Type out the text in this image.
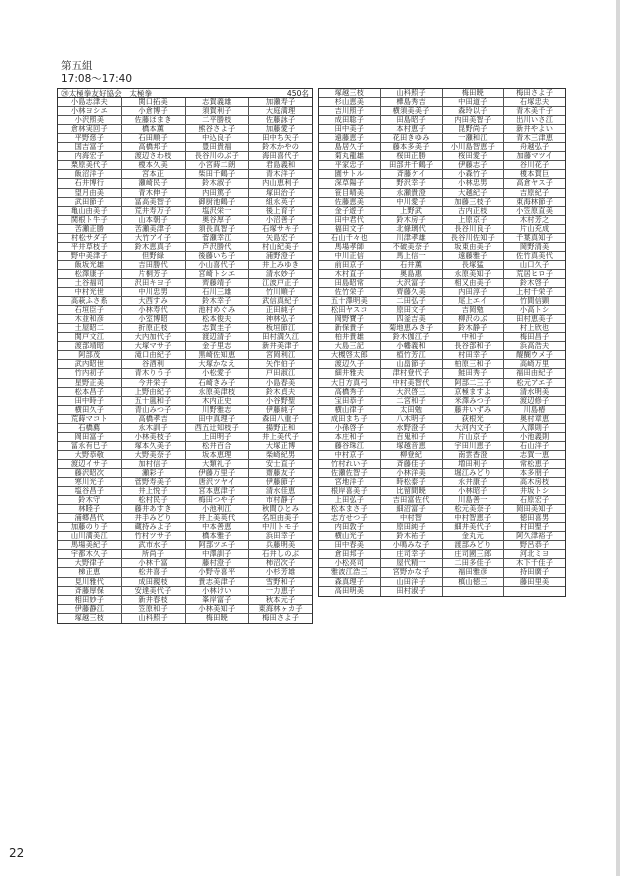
第五組
17:08～17:40
⑳太極拳友好協会　太極拳	450名
小島志津夫	関口拓美	志賀義雄	加瀬寿子
小林ヨシエ	小倉博子	須賀利子	大庭満理
小沢照美	佐藤ほまき	二平勝枝	佐藤詠子
倉林実回子	橋本薫	熊谷さよ子	加藤愛子
平野慈子	石田順子	中込良子	田中ち矢子
国吉富子	高橋邦子	豊田貴福	鈴木かやの
内海宏子	渡辺さわ枝	長谷川のぶ子	海田喜代子
栗原美代子	榎本久美	小宮蒔二朗	君島義和
飯沼洋子	宮本正	柴田千鶴子	青木洋子
石井博行	瀬崎民子	鈴木淑子	内山恵利子
望月由美	青木伸子	内田篤子	塚田治子
武田節子	冨高美智子	御厨池鶴子	組永英子
亀山由美子	荒井寿万子	塩沢栄一	後上育子
関根ト牛子	山本朝子	奥谷厚子	小沼善子
苦瀬正勝	苦瀬美津子	須長真智子	石塚サキ子
村松サダ子	大竹アイ子	菅瀬幸江	矢島宏子
平井草枝子	鈴木恵真子	芦沢勝代	村山紀美子
野中美津子	但野緑	後藤いち子	浦野澄子
飯坂光雄	吉田勝代	小山喜代子	井上みゆき
松澤康子	片桐芳子	宮崎トシエ	清水妙子
土谷福司	沢田キヨ子	齊藤靖子	江波戸正子
中村光世	中川忠男	石川三雄	竹川順子
高萩ふさ系	大西すみ	鈴木幸子	武信真紀子
石垣臣子	小林寿代	池村めぐみ	正田純子
木並和彦	小室博昭	松本俊夫	神林弘子
土屋昭二	折原正枝	志賀圭子	板垣節江
関戸文江	大内加代子	渡辺清子	田村満久江
渡部靖昭	大塚マサ子	金子里志	新井美津子
阿部茂	滝口由紀子	黒崎佐知恵	宮岡利江
武内昭世	谷酒利	大塚かなえ	矢作伯子
竹内初子	青木りう子	小松愛子	戸田淑江
星野正美	今井栄子	石崎きみ子	小島春美
松本昌子	上野由紀子	永原美津枝	鈴木貞夫
田中時子	五十嵐和子	木内正史	小谷野聖
横田久子	青山みつ子	川野雅志	伊藤純子
荒蒔マコト	高橋孝吉	田中真理子	森田八重子
石橋薦	永木訓子	西五辻知枝子	揚野正和
岡田富子	小林美枝子	上田明子	井上美代子
冨永有巳子	塚本久美子	松井百合	大塚正博
大野恭敬	大野美奈子	坂本恵理	柴崎紀男
渡辺イサ子	加村信子	大類礼子	安士直子
藤沢昭次	瀬彩子	伊藤万里子	齋藤友子
寒川光子	菅野寿美子	唐沢ツヤイ	伊藤節子
塩谷昌子	井上悦子	宮本恵津子	清水佳恵
鈴木守	松村民子	梅田つや子	市村静子
林睦子	藤井あすき	小池利江	秋間ひとみ
浦郷昌代	井手みどり	井上美英代	名垣由美子
加藤のり子	蔵持みよ子	中本善恵	中川トモ子
山川満美江	竹村ツサ子	橋本雅子	浜田幸子
馬場美紀子	武市水子	阿部ツエ子	兵藤明美
宇都木久子	所尚子	中澤訓子	石井しのぶ
大野律子	小林千富	藤村澄子	柿沼次子
梯正恵	松井喜子	小野寺喜平	小杉芳雄
見川雅代	成田親枝	貴志美津子	雪野和子
斉藤厚保	安達美代子	小林けい	一力恵子
相田妙子	新井春枝	峯岸富子	秋本元子
伊藤静江	笠原和子	小林美知子	東海林ヶカ子
塚越三枝	山科照子	梅田暁	梅田さよ子
塚越三枝	山科照子	梅田暁	梅田さよ子
杉山恵美	樺島秀吉	中田道子	石塚忠夫
吉川照子	横須美美子	森玲以子	青木美千子
成田聡子	田島昭子	内田美智子	出川いさ江
田中美子	本村恵子	昆野尚子	新井やよい
遠藤恵子	花田きゆみ	一瀬和江	青木三津恵
島居久子	藤本多美子	小川島智恵子	舟越弘子
菊丸龍雄	桜田正勝	桜田愛子	加藤マツイ
平家忠子	田部井千鶴子	伊藤志子	谷川花子
園サトル	斉藤ケイ	小森竹子	榎本賀巨
深草陽子	野沢幸子	小林忠男	高倉ヤス子
笹目晴美	永瀬貴澄	大越紀子	吉原紀子
佐藤恵美	中川愛子	加藤三枝子	東海林節子
金子遊子	上野武	古内正枝	小笠原直美
田中君代	鈴木房子	上原京子	木村芳之
福田文子	北條璃代	長谷川良子	片山充成
石山千々也	川津孝雄	長谷川佐知子	千葉真知子
馬場孝師	不破美奈子	坂東由美子	岡野清美
中川正信	馬上信一	遠藤雅子	佐竹真美代
前田京子	石井薫	長塚猛	山口久子
木村直子	奥島惠	永原美知子	荒居ヒロ子
田島昭常	大沢富子	相又由美子	鈴木啓子
佐竹栄子	齊藤久美	内田淳子	上村千栄子
五十澤明美	二田弘子	尾上エイ	竹間信顕
松田ヤスコ	原田文子	吉岡勉	小高トシ
岡野寶子	四釜吉美	柳沢のぶ	田村恵美子
新保貴子	菊地恵みき子	鈴木静子	村上欣也
柏井貴雄	鈴木伽江子	中和子	梅田昌子
大島三記	小幡義和	長谷部和子	浜高浩夫
大槻啓太郎	植竹芳江	村田幸子	醍醐ウメ子
渡辺久子	山畠節子	柏原三和子	高崎万里
細井雅夫	津村登代子	鮭田秀子	福田由紀子
大日方真弓	中村美智代	阿部二三子	松元アエ子
高橋秀子	大沢啓三	京極ますよ	清水明美
宝田恭子	二宮和子	米澤みつ子	渡辺修子
横山律子	太田勉	藤井いずみ	川島椿
成田まち子	八木明子	荻根光	奥村章恵
小孫啓子	水野澄子	大河内文子	入澤則子
本庄和子	百鬼和子	片山京子	小池義則
藤谷珠江	塚越音恵	宇田川恵子	石山洋子
中村京子	柳登紀	南雲香澄	志賀一恵
竹村れい子	斉藤佳子	増田利子	常松恵子
佐瀬佐智子	小林洋美	堀江みどり	本多朋子
宮地洋子	時松泰子	永井康子	高木房枝
根岸喜美子	比留間暁	小林昭子	井坂トシ
上田弘子	吉田富佐代	川島善一	石原宏子
松本まさ子	細沼富子	松元美奈子	岡田美知子
志方せつ子	中村智	中村智恵子	徳田喜男
内田敦子	原田純子	細井美代子	村田聖子
横山光子	鈴木祐子	金丸元	阿久津裕子
田中春美	小鳴みな子	渡部みどり	野呂恭子
倉田邦子	庄司幸子	庄司國三郎	河北ミヨ
小松亮司	屋代精一	二田多佳子	木下千佳子
雅波江浩三	宮野かな子	福田雅彦	持田廣子
森真理子	山田洋子	槙山徳三	藤田里美
高田明美	田村淑子
22
